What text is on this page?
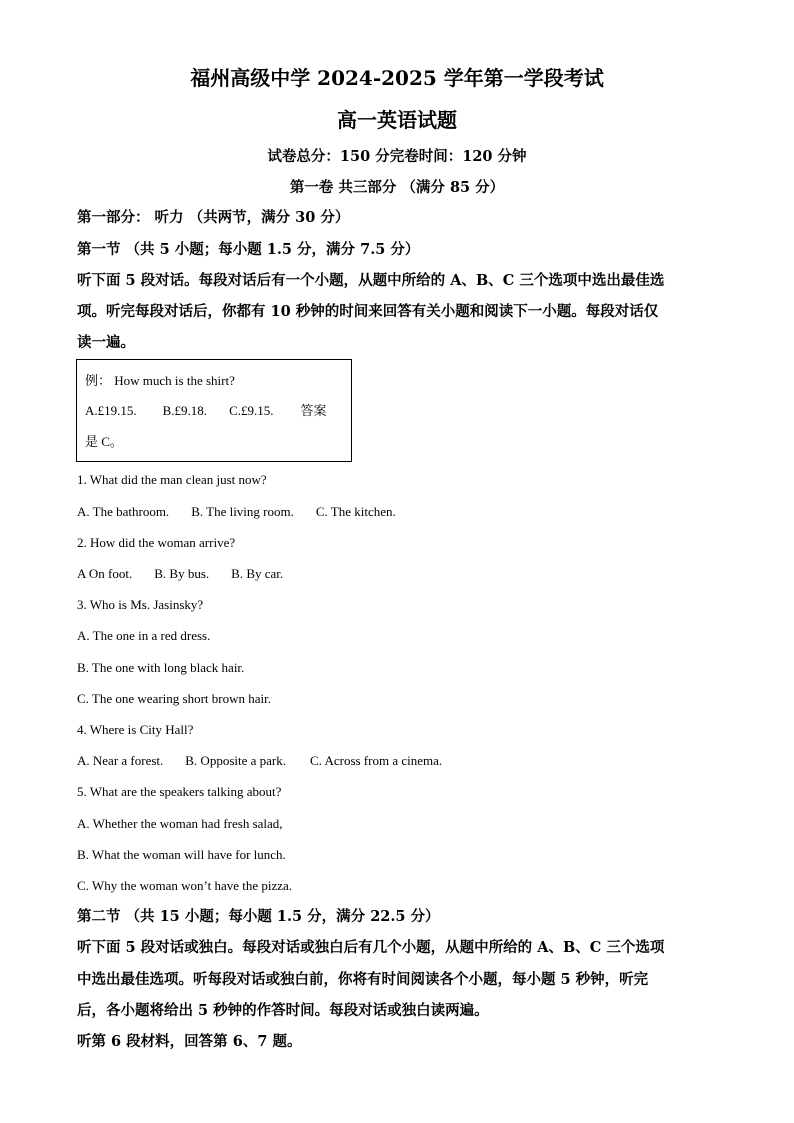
福州高级中学 2024-2025 学年第一学段考试
高一英语试题
试卷总分：150 分完卷时间：120 分钟
第一卷 共三部分 （满分 85 分）
第一部分： 听力 （共两节，满分 30 分）
第一节 （共 5 小题；每小题 1.5 分，满分 7.5 分）
听下面 5 段对话。每段对话后有一个小题，从题中所给的 A、B、C 三个选项中选出最佳选
项。听完每段对话后，你都有 10 秒钟的时间来回答有关小题和阅读下一小题。每段对话仅
读一遍。
例： How much is the shirt?
A.£19.15. B.£9.18. C.£9.15. 答案
是 C。
1. What did the man clean just now?
A. The bathroom. B. The living room. C. The kitchen.
2. How did the woman arrive?
A On foot. B. By bus. B. By car.
3. Who is Ms. Jasinsky?
A. The one in a red dress.
B. The one with long black hair.
C. The one wearing short brown hair.
4. Where is City Hall?
A. Near a forest. B. Opposite a park. C. Across from a cinema.
5. What are the speakers talking about?
A. Whether the woman had fresh salad,
B. What the woman will have for lunch.
C. Why the woman won’t have the pizza.
第二节 （共 15 小题；每小题 1.5 分，满分 22.5 分）
听下面 5 段对话或独白。每段对话或独白后有几个小题，从题中所给的 A、B、C 三个选项
中选出最佳选项。听每段对话或独白前，你将有时间阅读各个小题，每小题 5 秒钟，听完
后，各小题将给出 5 秒钟的作答时间。每段对话或独白读两遍。
听第 6 段材料，回答第 6、7 题。
